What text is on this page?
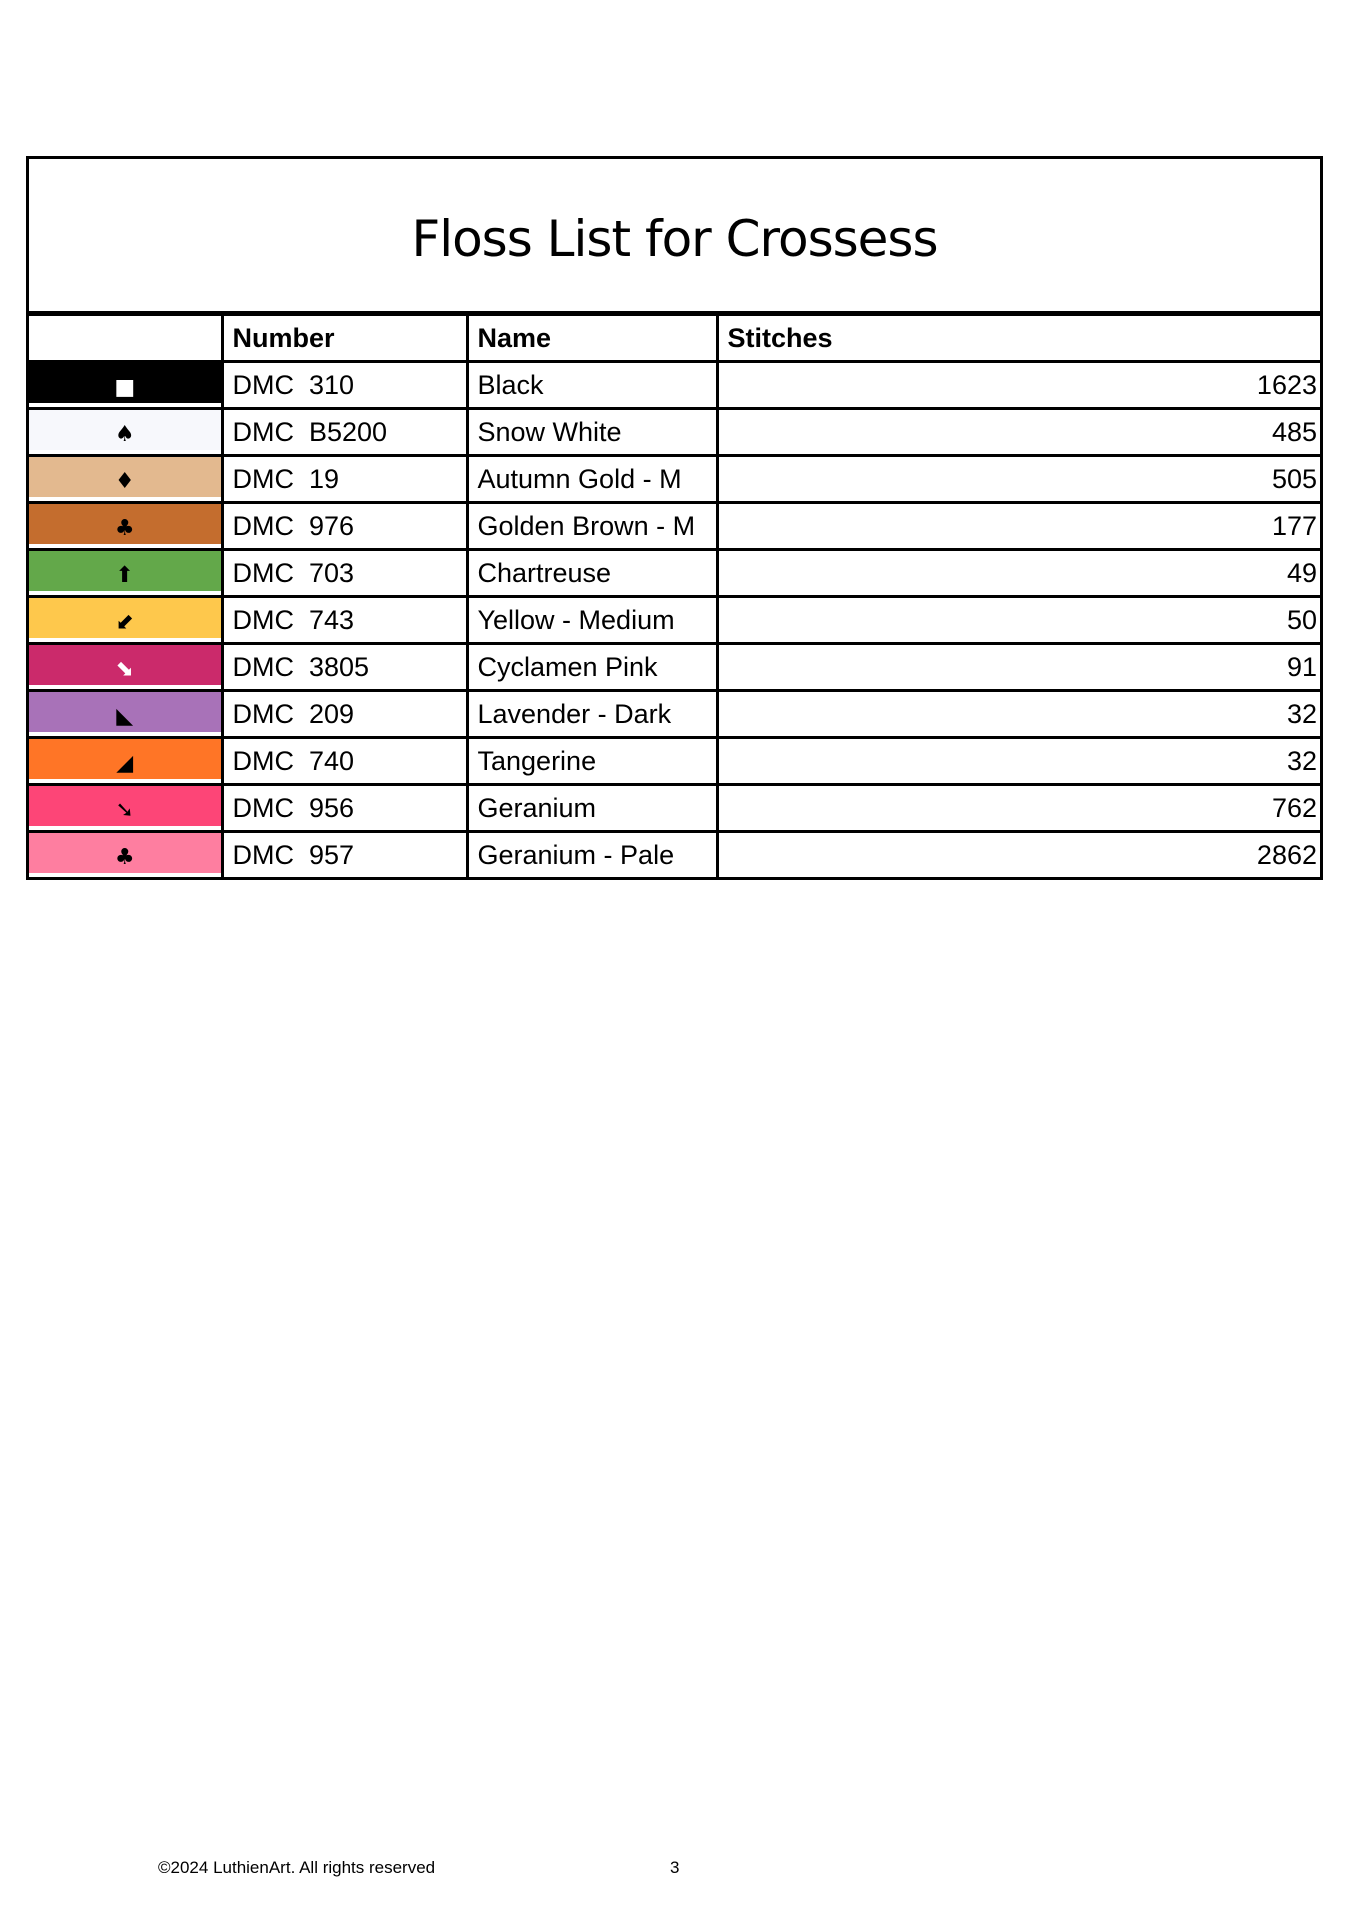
Floss List for Crossess
	Number	Name	Stitches

■	DMC  310	Black	1623

♠	DMC  B5200	Snow White	485

♦	DMC  19	Autumn Gold - M	505

♣	DMC  976	Golden Brown - M	177

⬆	DMC  703	Chartreuse	49

⬋	DMC  743	Yellow - Medium	50

⬊	DMC  3805	Cyclamen Pink	91

◣	DMC  209	Lavender - Dark	32

◢	DMC  740	Tangerine	32

➘	DMC  956	Geranium	762

♣	DMC  957	Geranium - Pale	2862
©2024 LuthienArt. All rights reserved	3
